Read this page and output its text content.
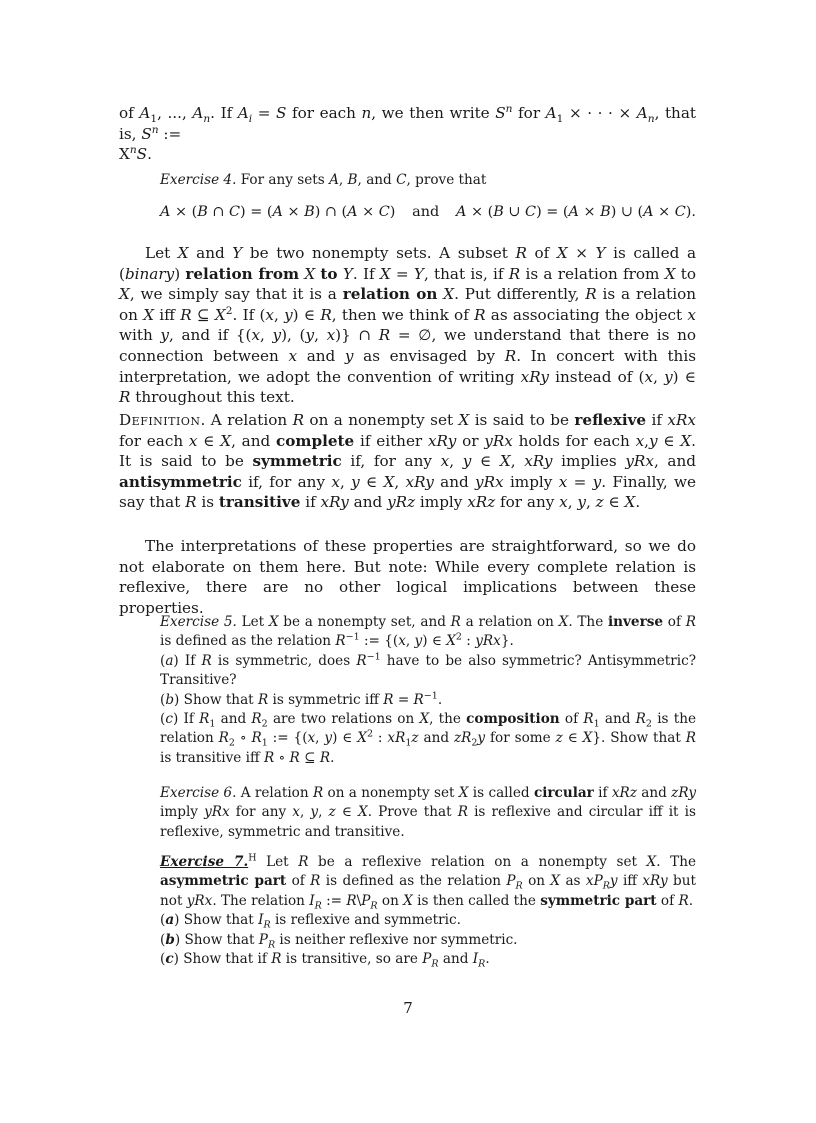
of $A_1$, ..., $A_n$. If $A_i = S$ for each n, we then write $S^n$ for $A_1$ × · · · × $A_n$, that is, $S^n$ :=
$X^nS$.
Exercise 4. For any sets A, B, and C, prove that
A × (B ∩ C) = (A × B) ∩ (A × C) and A × (B ∪ C) = (A × B) ∪ (A × C).
Let X and Y be two nonempty sets. A subset R of X × Y is called a (binary) relation from X to Y. If X = Y, that is, if R is a relation from X to X, we simply say that it is a relation on X. Put differently, R is a relation on X iff R ⊆ $X^2$. If (x, y) ∈ R, then we think of R as associating the object x with y, and if {(x, y), (y, x)} ∩ R = ∅, we understand that there is no connection between x and y as envisaged by R. In concert with this interpretation, we adopt the convention of writing xRy instead of (x, y) ∈ R throughout this text.
Definition. A relation R on a nonempty set X is said to be reflexive if xRx for each x ∈ X, and complete if either xRy or yRx holds for each x,y ∈ X. It is said to be symmetric if, for any x, y ∈ X, xRy implies yRx, and antisymmetric if, for any x, y ∈ X, xRy and yRx imply x = y. Finally, we say that R is transitive if xRy and yRz imply xRz for any x, y, z ∈ X.
The interpretations of these properties are straightforward, so we do not elaborate on them here. But note: While every complete relation is reflexive, there are no other logical implications between these properties.
Exercise 5. Let X be a nonempty set, and R a relation on X. The inverse of R is defined as the relation $R^{-1}$ := {(x, y) ∈ $X^2$ : yRx}.
(a) If R is symmetric, does $R^{-1}$ have to be also symmetric? Antisymmetric? Transitive?
(b) Show that R is symmetric iff $R = R^{-1}$.
(c) If $R_1$ and $R_2$ are two relations on X, the composition of $R_1$ and $R_2$ is the relation $R_2$ ∘ $R_1$ := {(x, y) ∈ $X^2$ : $xR_1z$ and $zR_2y$ for some z ∈ X}. Show that R is transitive iff R ∘ R ⊆ R.
Exercise 6. A relation R on a nonempty set X is called circular if xRz and zRy imply yRx for any x, y, z ∈ X. Prove that R is reflexive and circular iff it is reflexive, symmetric and transitive.
Exercise 7.$^H$ Let R be a reflexive relation on a nonempty set X. The asymmetric part of R is defined as the relation $P_R$ on X as $xP_Ry$ iff xRy but not yRx. The relation $I_R$ := $R\backslash P_R$ on X is then called the symmetric part of R.
(a) Show that $I_R$ is reflexive and symmetric.
(b) Show that $P_R$ is neither reflexive nor symmetric.
(c) Show that if R is transitive, so are $P_R$ and $I_R$.
7
